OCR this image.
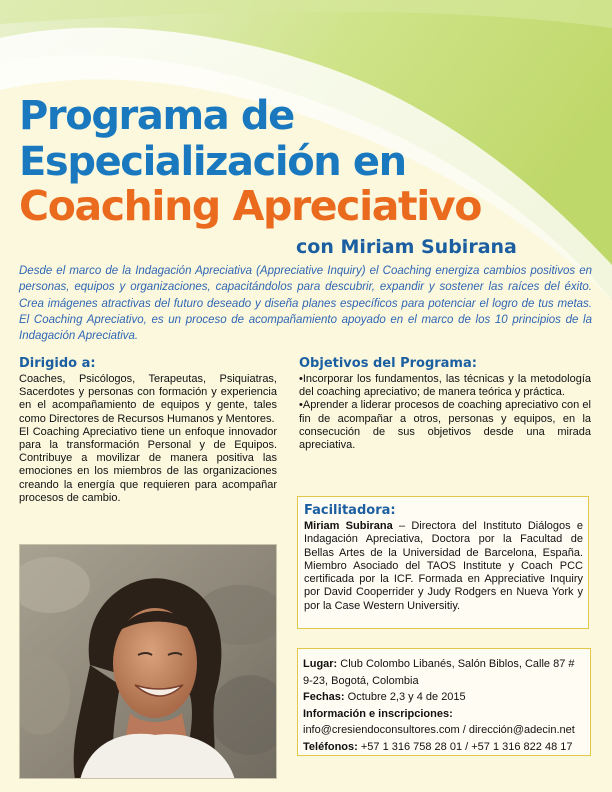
Programa de
Especialización en
Coaching Apreciativo
con Miriam Subirana

Desde el marco de la Indagación Apreciativa (Appreciative Inquiry) el Coaching energiza cambios positivos en personas, equipos y organizaciones, capacitándolos para descubrir, expandir y sostener las raíces del éxito. Crea imágenes atractivas del futuro deseado y diseña planes específicos para potenciar el logro de tus metas. El Coaching Apreciativo, es un proceso de acompañamiento apoyado en el marco de los 10 principios de la Indagación Apreciativa.

Dirigido a:

Coaches, Psicólogos, Terapeutas, Psiquiatras, Sacerdotes y personas con formación y experiencia en el acompañamiento de equipos y gente, tales como Directores de Recursos Humanos y Mentores.

El Coaching Apreciativo tiene un enfoque innovador para la transformación Personal y de Equipos. Contribuye a movilizar de manera positiva las emociones en los miembros de las organizaciones creando la energía que requieren para acompañar procesos de cambio.

Objetivos del Programa:

•Incorporar los fundamentos, las técnicas y la metodología del coaching apreciativo; de manera teórica y práctica.

•Aprender a liderar procesos de coaching apreciativo con el fin de acompañar a otros, personas y equipos, en la consecución de sus objetivos desde una mirada apreciativa.

Facilitadora:

Miriam Subirana – Directora del Instituto Diálogos e Indagación Apreciativa, Doctora por la Facultad de Bellas Artes de la Universidad de Barcelona, España. Miembro Asociado del TAOS Institute y Coach PCC certificada por la ICF. Formada en Appreciative Inquiry por David Cooperrider y Judy Rodgers en Nueva York y por la Case Western Universitiy.

Lugar: Club Colombo Libanés, Salón Biblos, Calle 87 #
9-23, Bogotá, Colombia
Fechas: Octubre 2,3 y 4 de 2015
Información e inscripciones:
info@cresiendoconsultores.com / dirección@adecin.net
Teléfonos: +57 1 316 758 28 01 / +57 1 316 822 48 17
